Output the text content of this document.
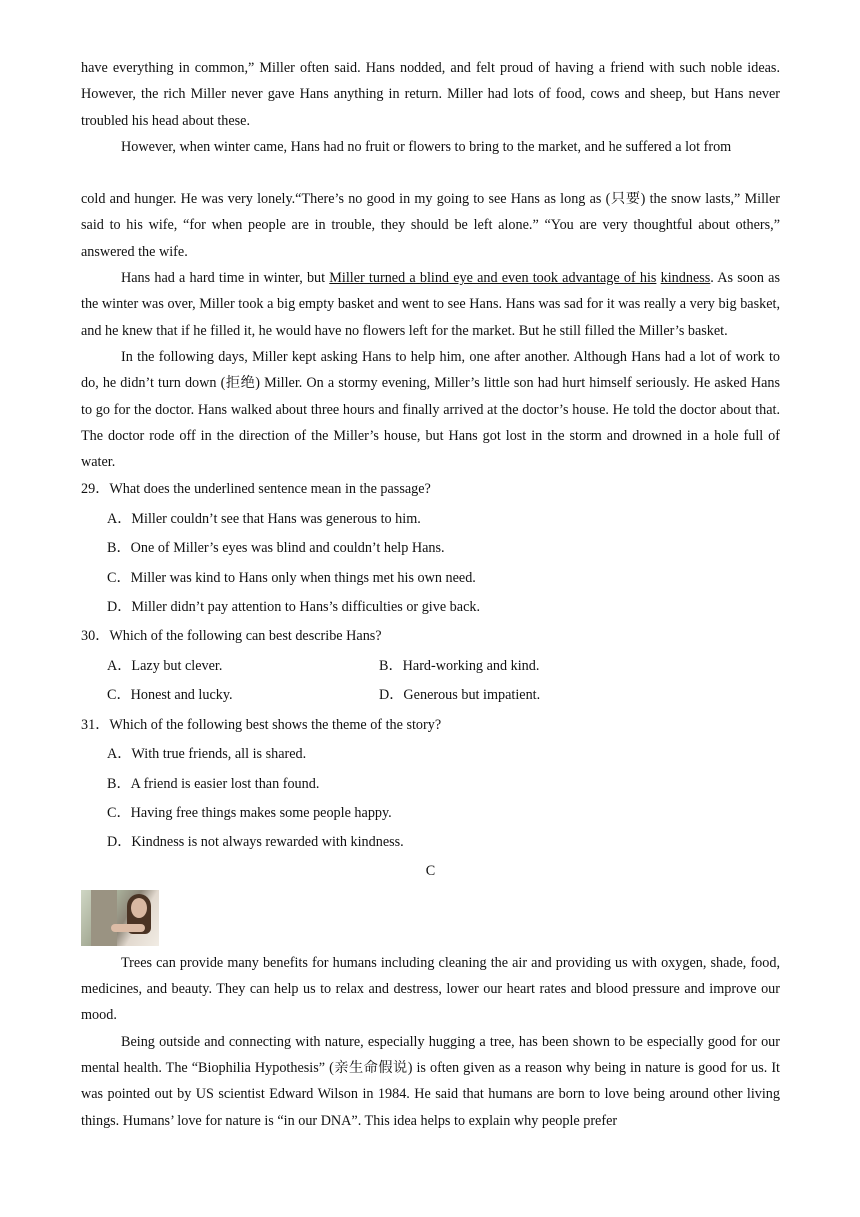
have everything in common,” Miller often said. Hans nodded, and felt proud of having a friend with such noble ideas. However, the rich Miller never gave Hans anything in return. Miller had lots of food, cows and sheep, but Hans never troubled his head about these.

However, when winter came, Hans had no fruit or flowers to bring to the market, and he suffered a lot from

cold and hunger. He was very lonely.“There’s no good in my going to see Hans as long as (只要) the snow lasts,” Miller said to his wife, “for when people are in trouble, they should be left alone.” “You are very thoughtful about others,” answered the wife.

Hans had a hard time in winter, but Miller turned a blind eye and even took advantage of his kindness. As soon as the winter was over, Miller took a big empty basket and went to see Hans. Hans was sad for it was really a very big basket, and he knew that if he filled it, he would have no flowers left for the market. But he still filled the Miller’s basket.

In the following days, Miller kept asking Hans to help him, one after another. Although Hans had a lot of work to do, he didn’t turn down (拒绝) Miller. On a stormy evening, Miller’s little son had hurt himself seriously. He asked Hans to go for the doctor. Hans walked about three hours and finally arrived at the doctor’s house. He told the doctor about that. The doctor rode off in the direction of the Miller’s house, but Hans got lost in the storm and drowned in a hole full of water.

29．What does the underlined sentence mean in the passage?

A．Miller couldn’t see that Hans was generous to him.

B．One of Miller’s eyes was blind and couldn’t help Hans.

C．Miller was kind to Hans only when things met his own need.

D．Miller didn’t pay attention to Hans’s difficulties or give back.

30．Which of the following can best describe Hans?

A．Lazy but clever.	B．Hard-working and kind.
C．Honest and lucky.	D．Generous but impatient.

31．Which of the following best shows the theme of the story?

A．With true friends, all is shared.

B．A friend is easier lost than found.

C．Having free things makes some people happy.

D．Kindness is not always rewarded with kindness.

C

Trees can provide many benefits for humans including cleaning the air and providing us with oxygen, shade, food, medicines, and beauty. They can help us to relax and destress, lower our heart rates and blood pressure and improve our mood.

Being outside and connecting with nature, especially hugging a tree, has been shown to be especially good for our mental health. The “Biophilia Hypothesis” (亲生命假说) is often given as a reason why being in nature is good for us. It was pointed out by US scientist Edward Wilson in 1984. He said that humans are born to love being around other living things. Humans’ love for nature is “in our DNA”. This idea helps to explain why people prefer
